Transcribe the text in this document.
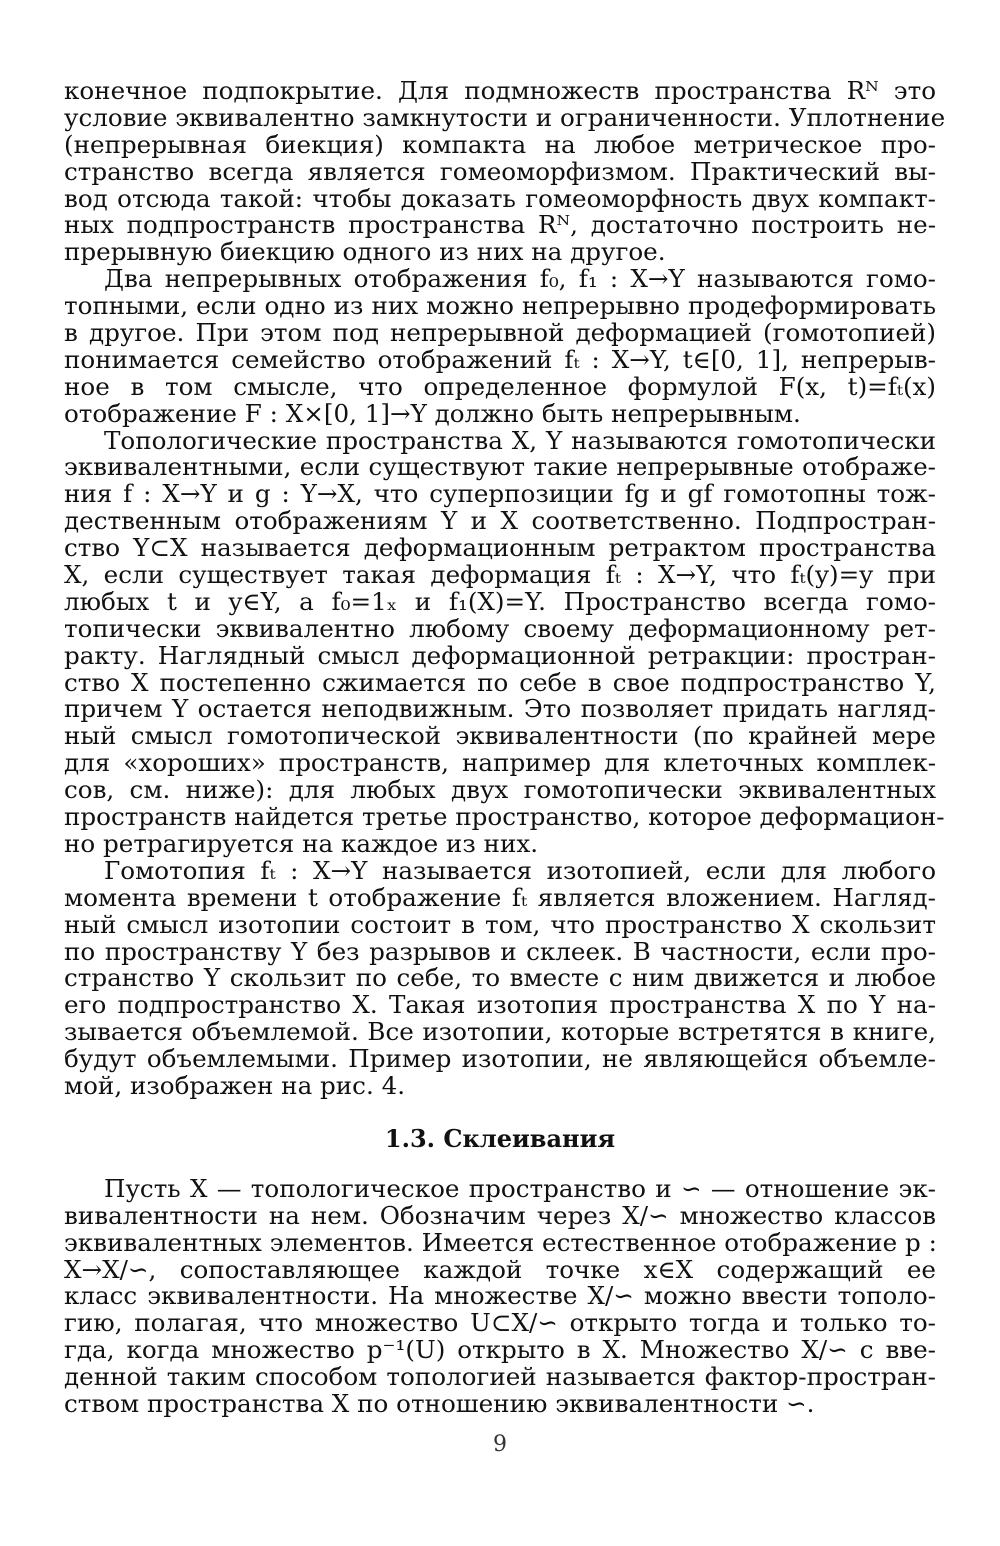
конечное подпокрытие. Для подмножеств пространства Rᴺ это
условие эквивалентно замкнутости и ограниченности. Уплотнение
(непрерывная биекция) компакта на любое метрическое про-
странство всегда является гомеоморфизмом. Практический вы-
вод отсюда такой: чтобы доказать гомеоморфность двух компакт-
ных подпространств пространства Rᴺ, достаточно построить не-
прерывную биекцию одного из них на другое.
Два непрерывных отображения f₀, f₁ : X→Y называются гомо-
топными, если одно из них можно непрерывно продеформировать
в другое. При этом под непрерывной деформацией (гомотопией)
понимается семейство отображений fₜ : X→Y, t∈[0, 1], непрерыв-
ное в том смысле, что определенное формулой F(x, t)=fₜ(x)
отображение F : X×[0, 1]→Y должно быть непрерывным.
Топологические пространства X, Y называются гомотопически
эквивалентными, если существуют такие непрерывные отображе-
ния f : X→Y и g : Y→X, что суперпозиции fg и gf гомотопны тож-
дественным отображениям Y и X соответственно. Подпростран-
ство Y⊂X называется деформационным ретрактом пространства
X, если существует такая деформация fₜ : X→Y, что fₜ(y)=y при
любых t и y∈Y, а f₀=1ₓ и f₁(X)=Y. Пространство всегда гомо-
топически эквивалентно любому своему деформационному рет-
ракту. Наглядный смысл деформационной ретракции: простран-
ство X постепенно сжимается по себе в свое подпространство Y,
причем Y остается неподвижным. Это позволяет придать нагляд-
ный смысл гомотопической эквивалентности (по крайней мере
для «хороших» пространств, например для клеточных комплек-
сов, см. ниже): для любых двух гомотопически эквивалентных
пространств найдется третье пространство, которое деформацион-
но ретрагируется на каждое из них.
Гомотопия fₜ : X→Y называется изотопией, если для любого
момента времени t отображение fₜ является вложением. Нагляд-
ный смысл изотопии состоит в том, что пространство X скользит
по пространству Y без разрывов и склеек. В частности, если про-
странство Y скользит по себе, то вместе с ним движется и любое
его подпространство X. Такая изотопия пространства X по Y на-
зывается объемлемой. Все изотопии, которые встретятся в книге,
будут объемлемыми. Пример изотопии, не являющейся объемле-
мой, изображен на рис. 4.
1.3. Склеивания
Пусть X — топологическое пространство и ∽ — отношение эк-
вивалентности на нем. Обозначим через X/∽ множество классов
эквивалентных элементов. Имеется естественное отображение p :
X→X/∽, сопоставляющее каждой точке x∈X содержащий ее
класс эквивалентности. На множестве X/∽ можно ввести тополо-
гию, полагая, что множество U⊂X/∽ открыто тогда и только то-
гда, когда множество p⁻¹(U) открыто в X. Множество X/∽ с вве-
денной таким способом топологией называется фактор-простран-
ством пространства X по отношению эквивалентности ∽.
9
